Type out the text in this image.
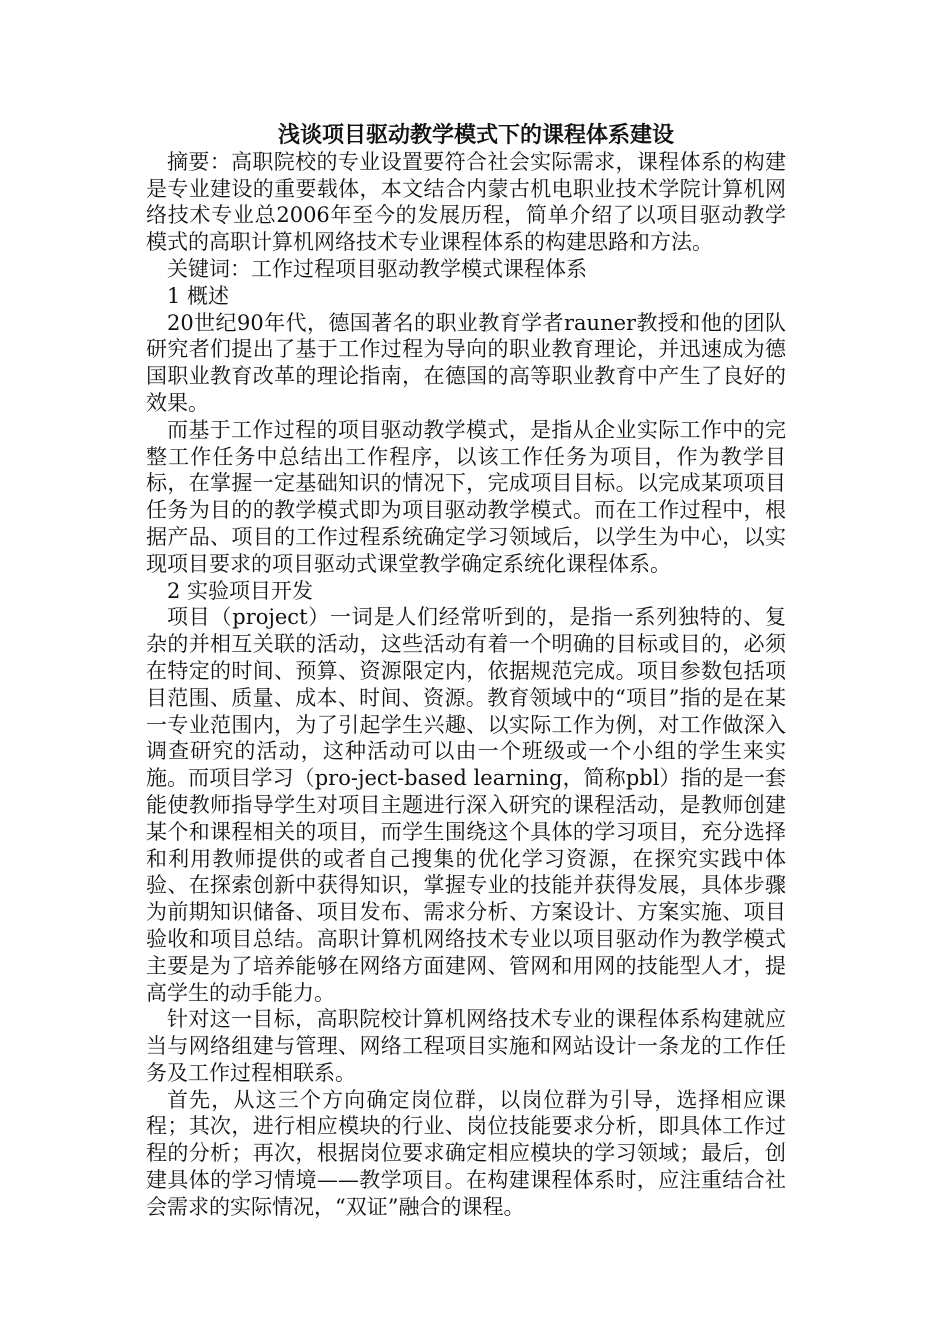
浅谈项目驱动教学模式下的课程体系建设

摘要：高职院校的专业设置要符合社会实际需求，课程体系的构建是专业建设的重要载体，本文结合内蒙古机电职业技术学院计算机网络技术专业总2006年至今的发展历程，简单介绍了以项目驱动教学模式的高职计算机网络技术专业课程体系的构建思路和方法。

关键词：工作过程项目驱动教学模式课程体系

1 概述

20世纪90年代，德国著名的职业教育学者rauner教授和他的团队研究者们提出了基于工作过程为导向的职业教育理论，并迅速成为德国职业教育改革的理论指南，在德国的高等职业教育中产生了良好的效果。

而基于工作过程的项目驱动教学模式，是指从企业实际工作中的完整工作任务中总结出工作程序，以该工作任务为项目，作为教学目标，在掌握一定基础知识的情况下，完成项目目标。以完成某项项目任务为目的的教学模式即为项目驱动教学模式。而在工作过程中，根据产品、项目的工作过程系统确定学习领域后，以学生为中心，以实现项目要求的项目驱动式课堂教学确定系统化课程体系。

2 实验项目开发

项目（project）一词是人们经常听到的，是指一系列独特的、复杂的并相互关联的活动，这些活动有着一个明确的目标或目的，必须在特定的时间、预算、资源限定内，依据规范完成。项目参数包括项目范围、质量、成本、时间、资源。教育领域中的“项目”指的是在某一专业范围内，为了引起学生兴趣、以实际工作为例，对工作做深入调查研究的活动，这种活动可以由一个班级或一个小组的学生来实施。而项目学习（pro-ject-based learning，简称pbl）指的是一套能使教师指导学生对项目主题进行深入研究的课程活动，是教师创建某个和课程相关的项目，而学生围绕这个具体的学习项目，充分选择和利用教师提供的或者自己搜集的优化学习资源，在探究实践中体验、在探索创新中获得知识，掌握专业的技能并获得发展，具体步骤为前期知识储备、项目发布、需求分析、方案设计、方案实施、项目验收和项目总结。高职计算机网络技术专业以项目驱动作为教学模式主要是为了培养能够在网络方面建网、管网和用网的技能型人才，提高学生的动手能力。

针对这一目标，高职院校计算机网络技术专业的课程体系构建就应当与网络组建与管理、网络工程项目实施和网站设计一条龙的工作任务及工作过程相联系。

首先，从这三个方向确定岗位群，以岗位群为引导，选择相应课程；其次，进行相应模块的行业、岗位技能要求分析，即具体工作过程的分析；再次，根据岗位要求确定相应模块的学习领域；最后，创建具体的学习情境——教学项目。在构建课程体系时，应注重结合社会需求的实际情况，“双证”融合的课程。
